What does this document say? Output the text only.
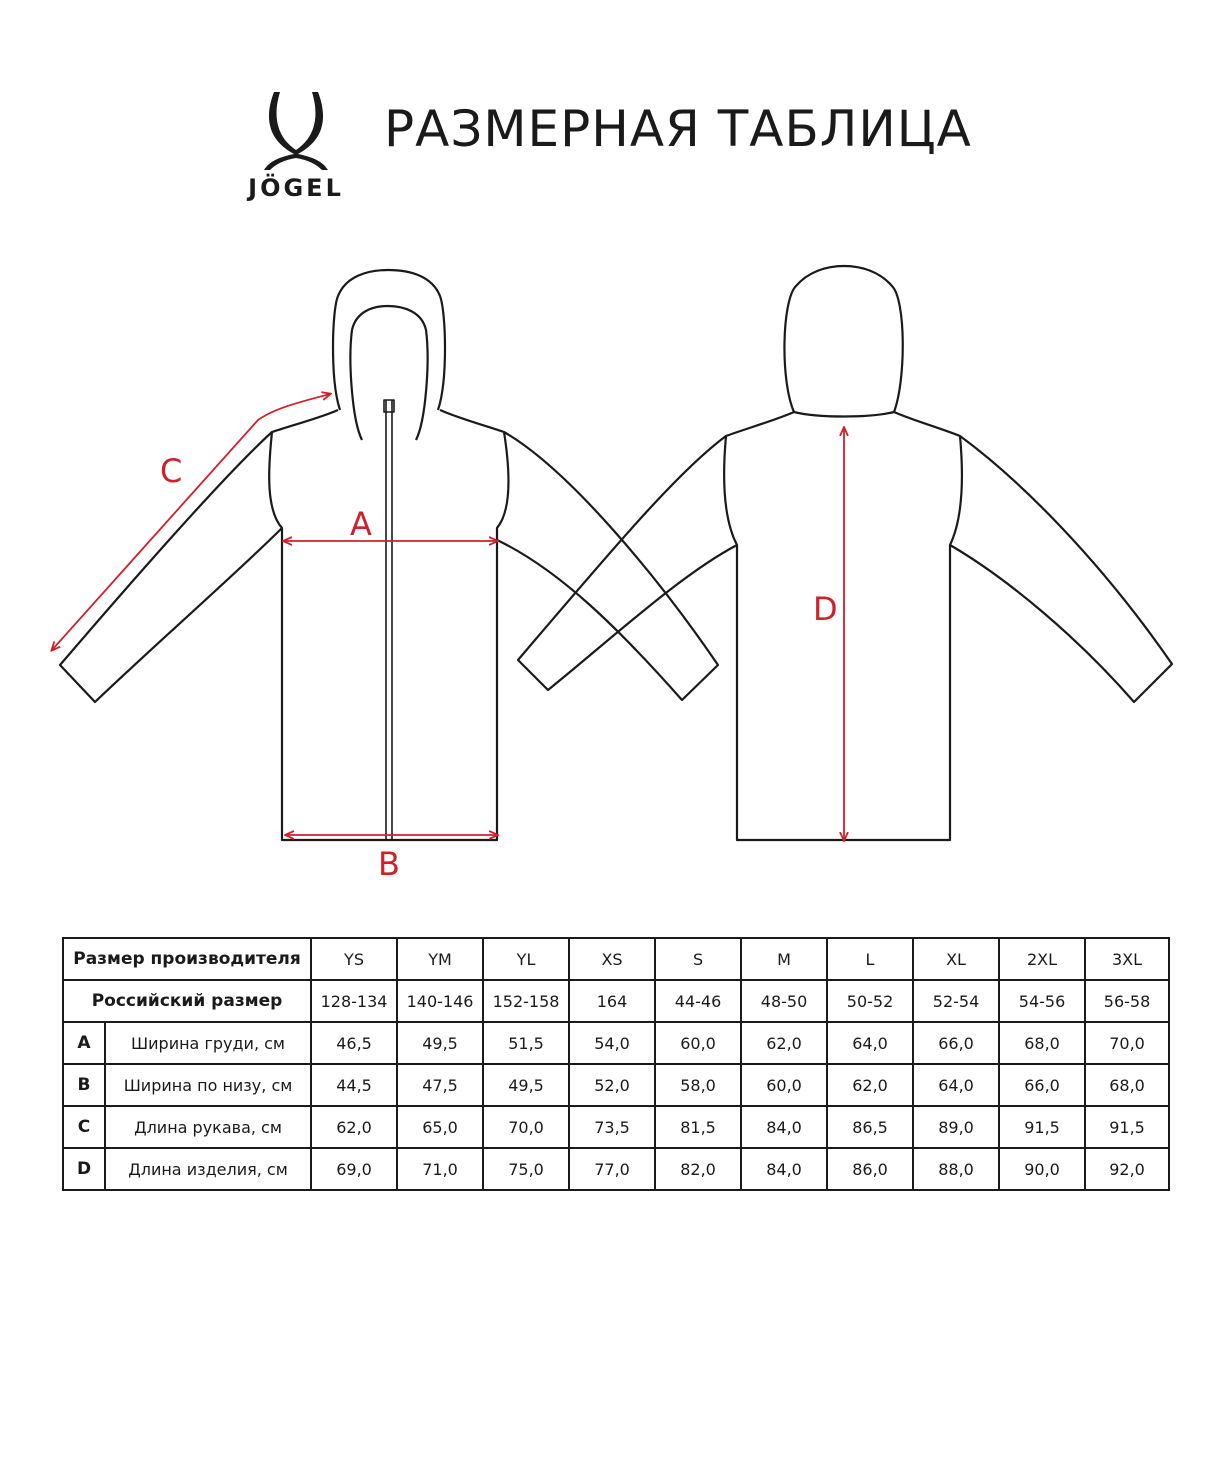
JÖGEL
РАЗМЕРНАЯ ТАБЛИЦА
A
B
C
D
Размер производителя		YS	YM	YL	XS	S	M	L	XL	2XL	3XL
Российский размер		128-134	140-146	152-158	164	44-46	48-50	50-52	52-54	54-56	56-58
A	Ширина груди, см	46,5	49,5	51,5	54,0	60,0	62,0	64,0	66,0	68,0	70,0
B	Ширина по низу, см	44,5	47,5	49,5	52,0	58,0	60,0	62,0	64,0	66,0	68,0
C	Длина рукава, см	62,0	65,0	70,0	73,5	81,5	84,0	86,5	89,0	91,5	91,5
D	Длина изделия, см	69,0	71,0	75,0	77,0	82,0	84,0	86,0	88,0	90,0	92,0
